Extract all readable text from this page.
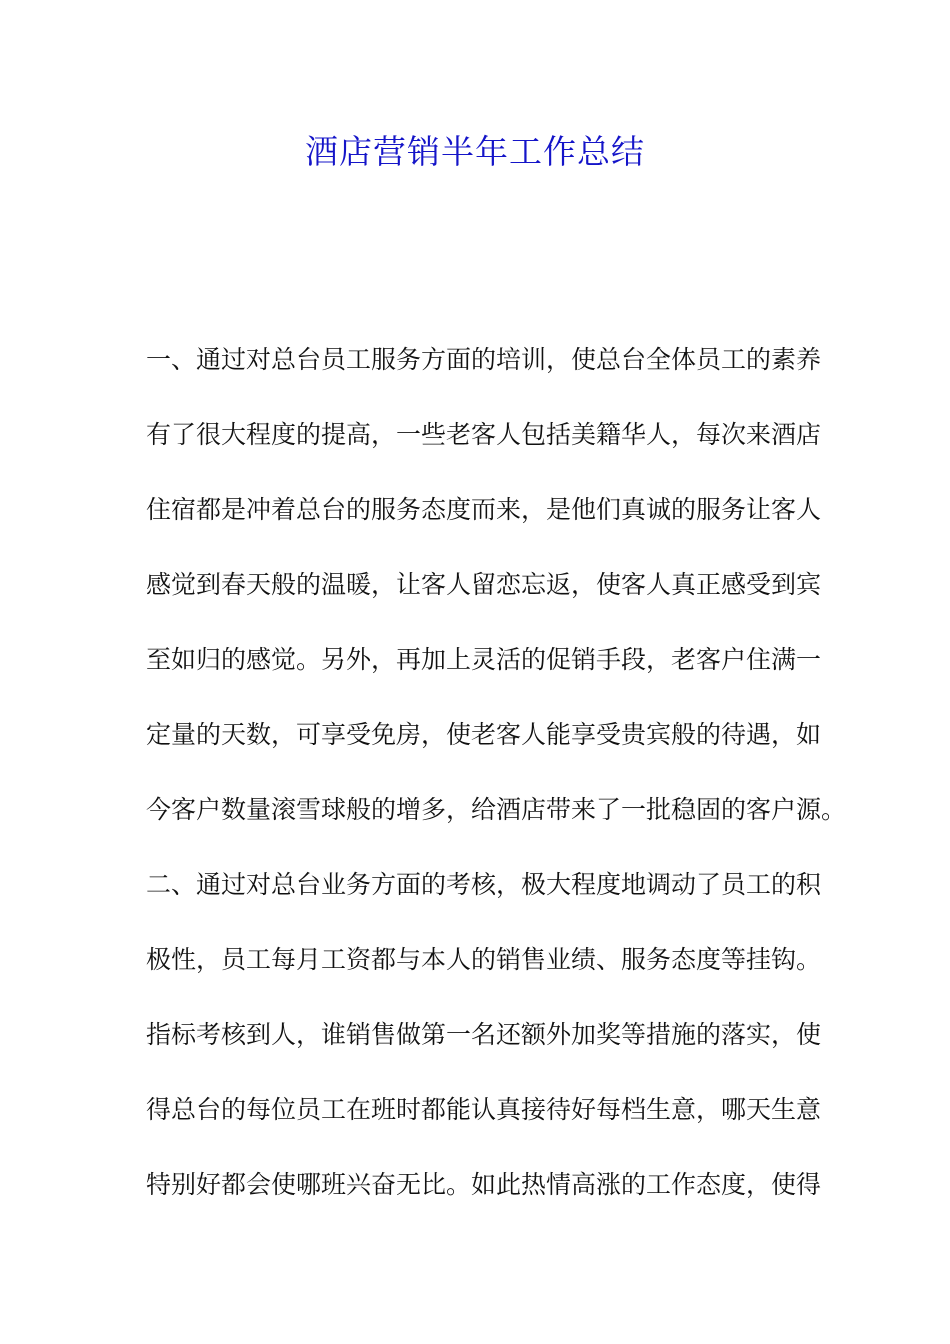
酒店营销半年工作总结
一、通过对总台员工服务方面的培训，使总台全体员工的素养
有了很大程度的提高，一些老客人包括美籍华人，每次来酒店
住宿都是冲着总台的服务态度而来，是他们真诚的服务让客人
感觉到春天般的温暖，让客人留恋忘返，使客人真正感受到宾
至如归的感觉。另外，再加上灵活的促销手段，老客户住满一
定量的天数，可享受免房，使老客人能享受贵宾般的待遇，如
今客户数量滚雪球般的增多，给酒店带来了一批稳固的客户源。
二、通过对总台业务方面的考核，极大程度地调动了员工的积
极性，员工每月工资都与本人的销售业绩、服务态度等挂钩。
指标考核到人，谁销售做第一名还额外加奖等措施的落实，使
得总台的每位员工在班时都能认真接待好每档生意，哪天生意
特别好都会使哪班兴奋无比。如此热情高涨的工作态度，使得
